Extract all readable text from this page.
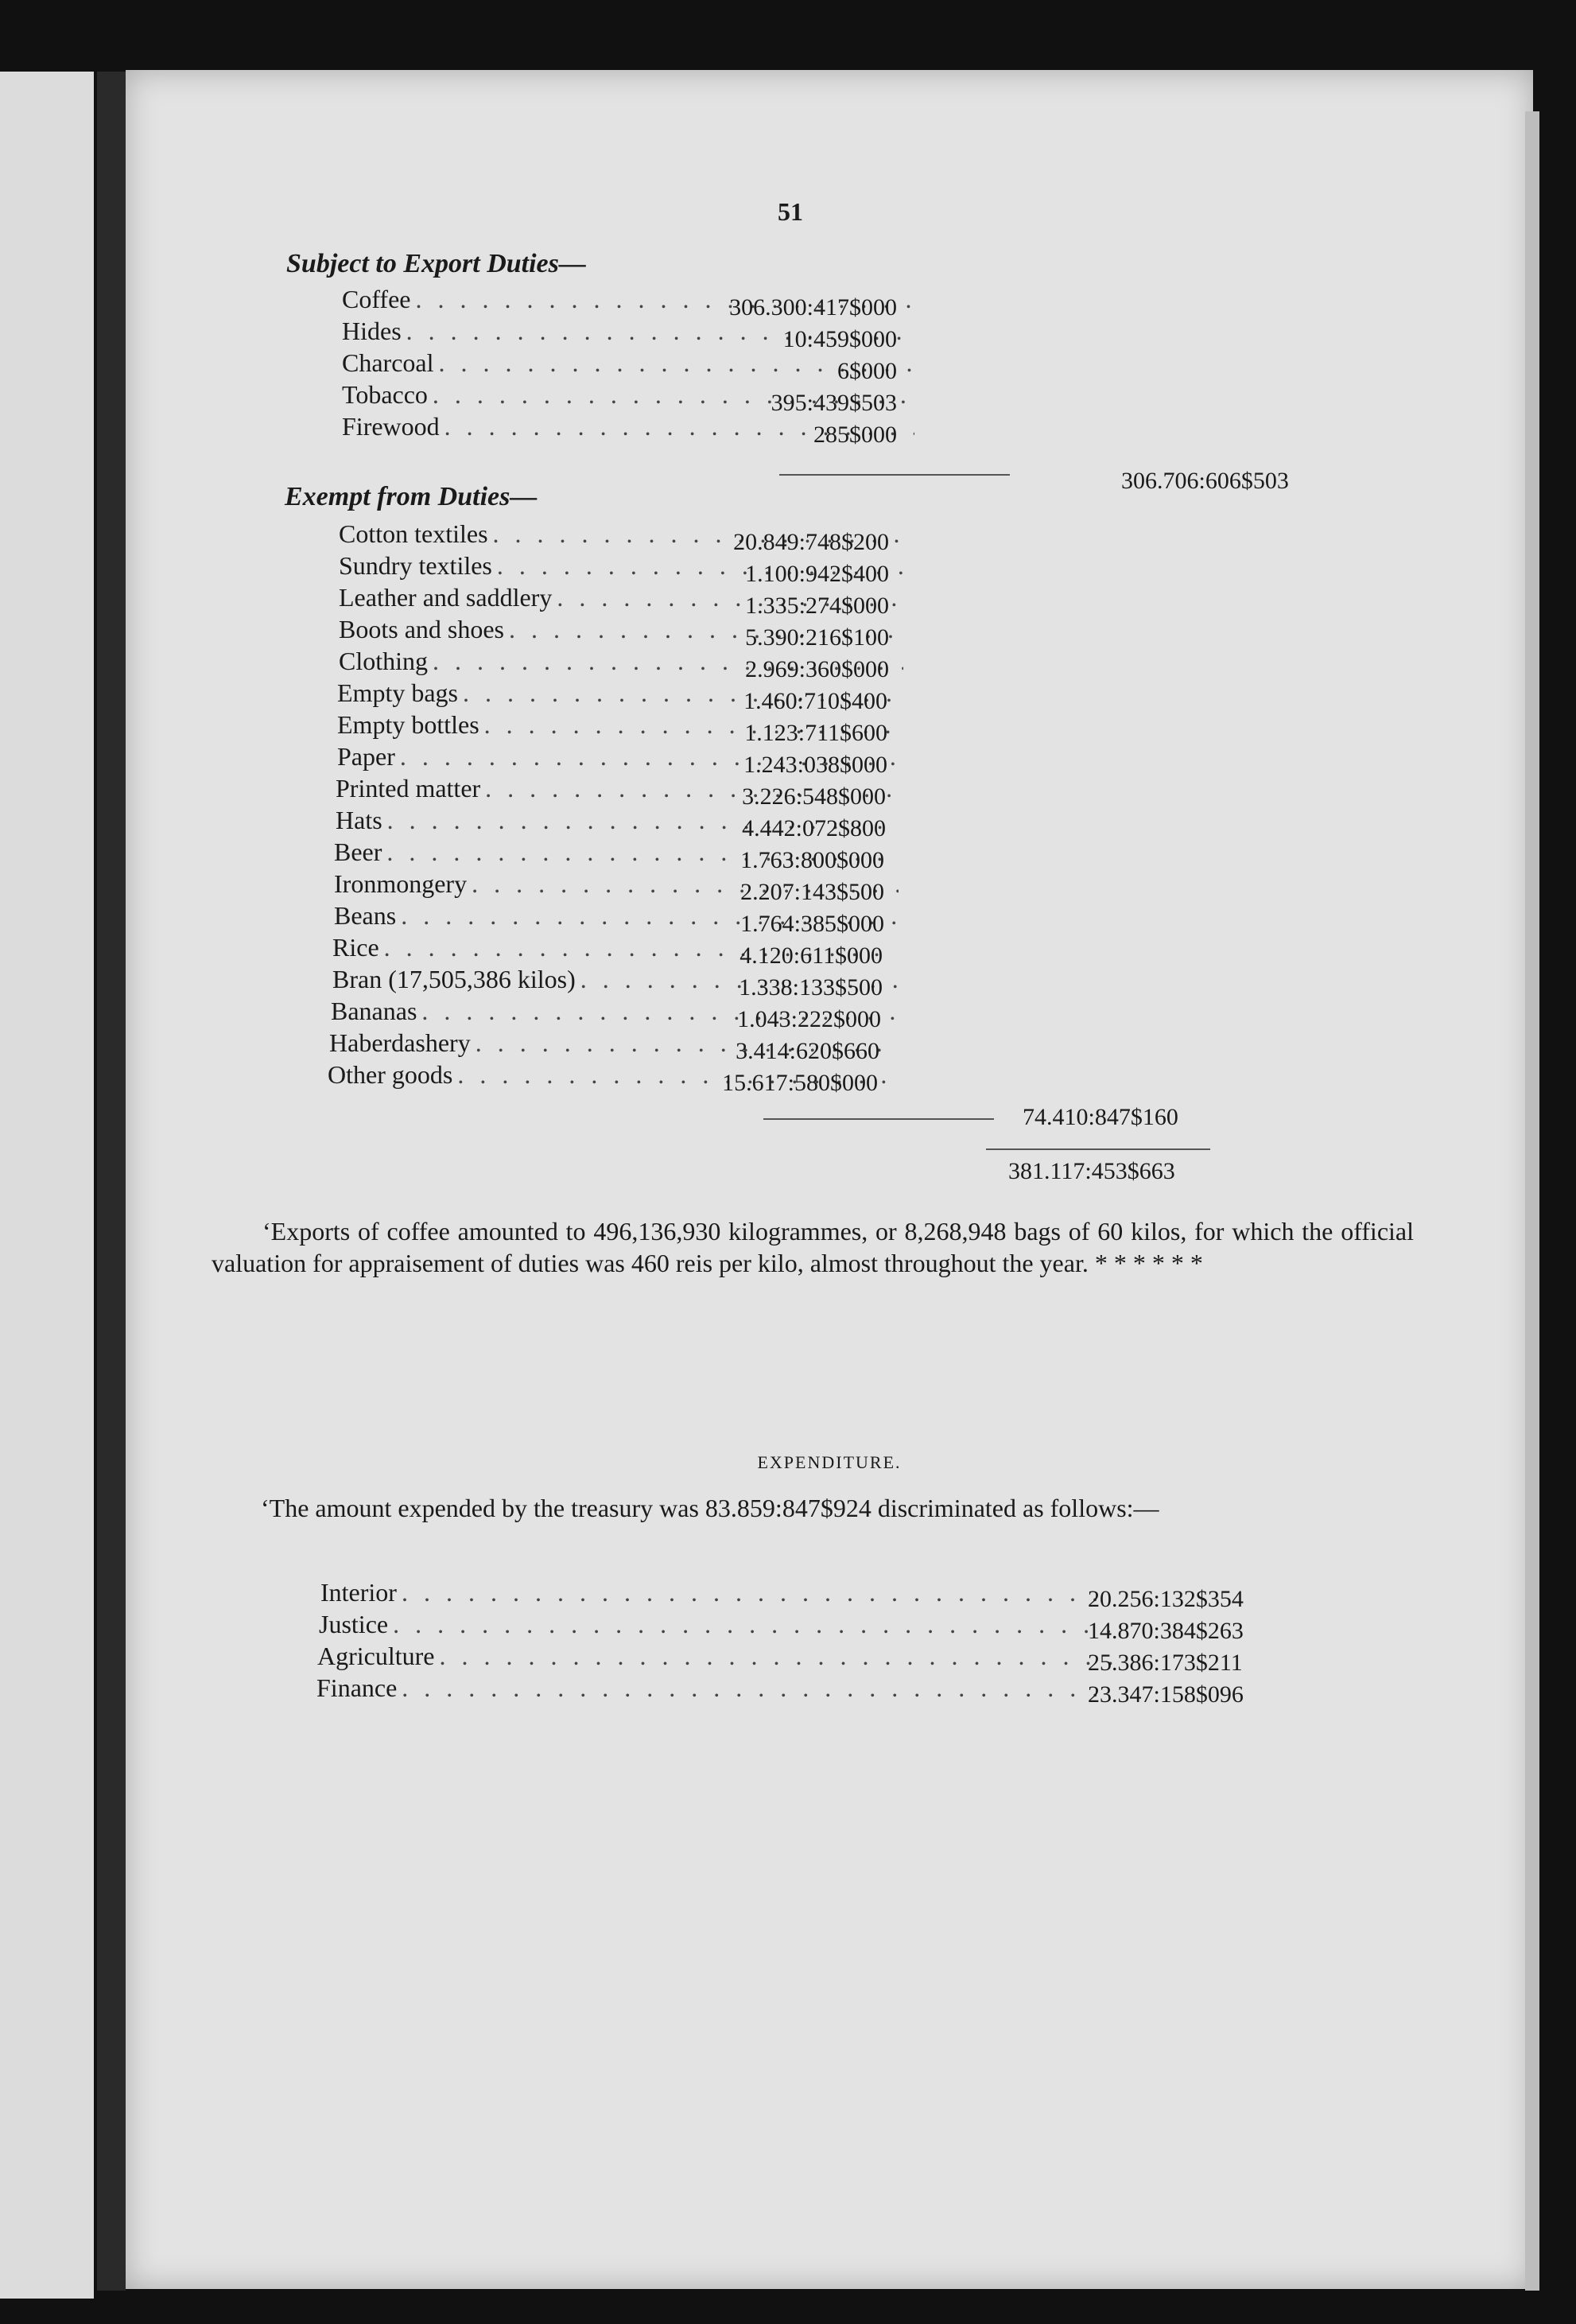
51
Subject to Export Duties—
Coffee . . .	306.300:417$000
Hides . . .	10:459$000
Charcoal . . .	6$000
Tobacco . . .	395:439$503
Firewood . . .	285$000
306.706:606$503
Exempt from Duties—
Cotton textiles . . .	20.849:748$200
Sundry textiles . . .	1.100:942$400
Leather and saddlery . . .	1.335:274$000
Boots and shoes . . .	5.390:216$100
Clothing . . .	2.969:360$000
Empty bags . . .	1.460:710$400
Empty bottles . . .	1.123:711$600
Paper . . .	1.243:038$000
Printed matter . . .	3.226:548$000
Hats . . .	4.442:072$800
Beer . . .	1.763:800$000
Ironmongery . . .	2.207:143$500
Beans . . .	1.764:385$000
Rice . . .	4.120:611$000
Bran (17,505,386 kilos) . . .	1.338:133$500
Bananas . . .	1.043:222$000
Haberdashery . . .	3.414:620$660
Other goods . . .	15.617:580$000
74.410:847$160
381.117:453$663
‘Exports of coffee amounted to 496,136,930 kilogrammes, or 8,268,948 bags of 60 kilos, for which the official valuation for appraisement of duties was 460 reis per kilo, almost throughout the year. * * * * * *
EXPENDITURE.
‘The amount expended by the treasury was 83.859:847$924 discriminated as follows:—
Interior . . .	20.256:132$354
Justice . . .	14.870:384$263
Agriculture . . .	25.386:173$211
Finance . . .	23.347:158$096
